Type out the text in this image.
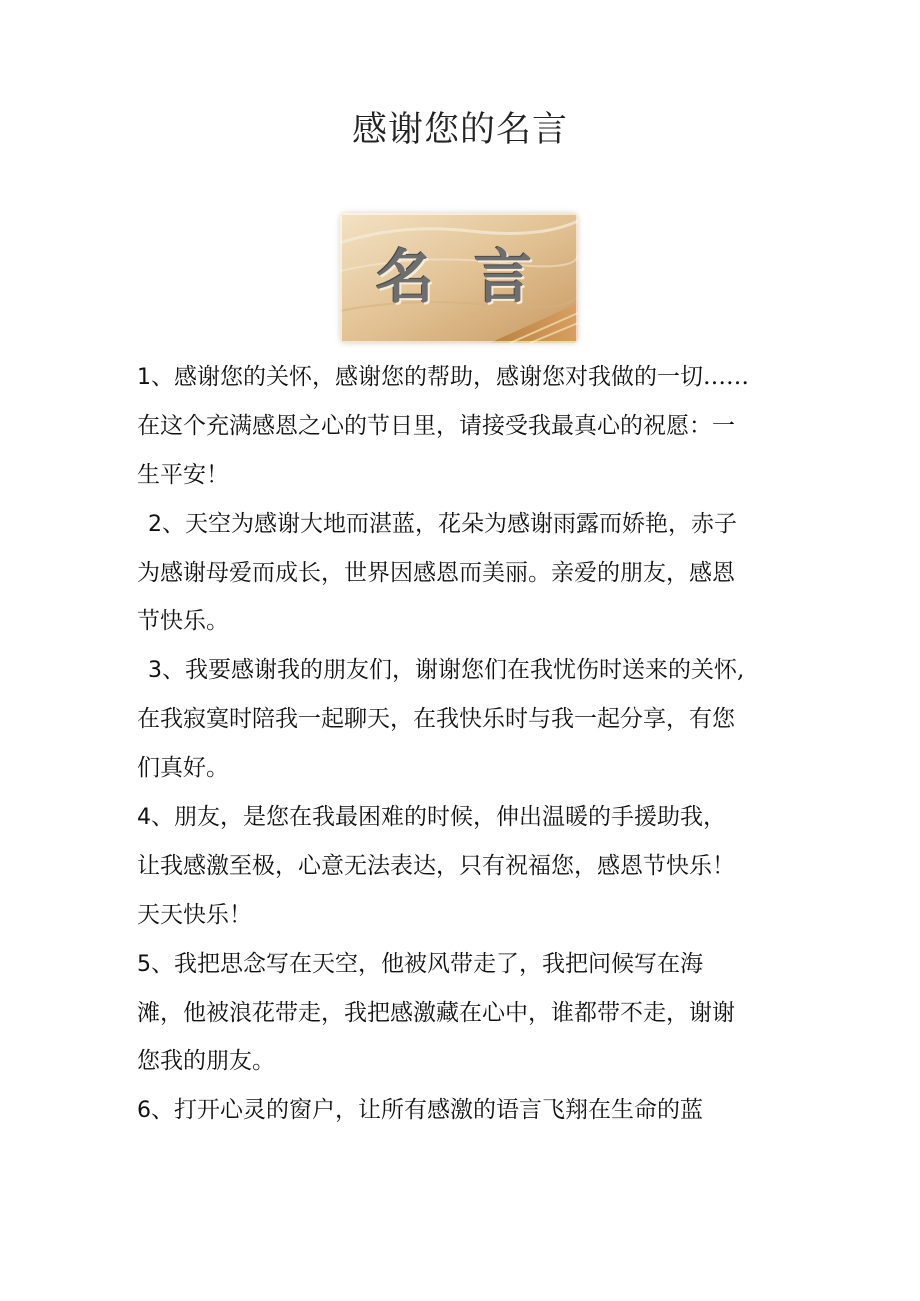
感谢您的名言
名 言
1、感谢您的关怀，感谢您的帮助，感谢您对我做的一切……
在这个充满感恩之心的节日里，请接受我最真心的祝愿：一
生平安！
2、天空为感谢大地而湛蓝，花朵为感谢雨露而娇艳，赤子
为感谢母爱而成长，世界因感恩而美丽。亲爱的朋友，感恩
节快乐。
3、我要感谢我的朋友们，谢谢您们在我忧伤时送来的关怀,
在我寂寞时陪我一起聊天，在我快乐时与我一起分享，有您
们真好。
4、朋友，是您在我最困难的时候，伸出温暖的手援助我，
让我感激至极，心意无法表达，只有祝福您，感恩节快乐！
天天快乐！
5、我把思念写在天空，他被风带走了，我把问候写在海
滩，他被浪花带走，我把感激藏在心中，谁都带不走，谢谢
您我的朋友。
6、打开心灵的窗户，让所有感激的语言飞翔在生命的蓝
